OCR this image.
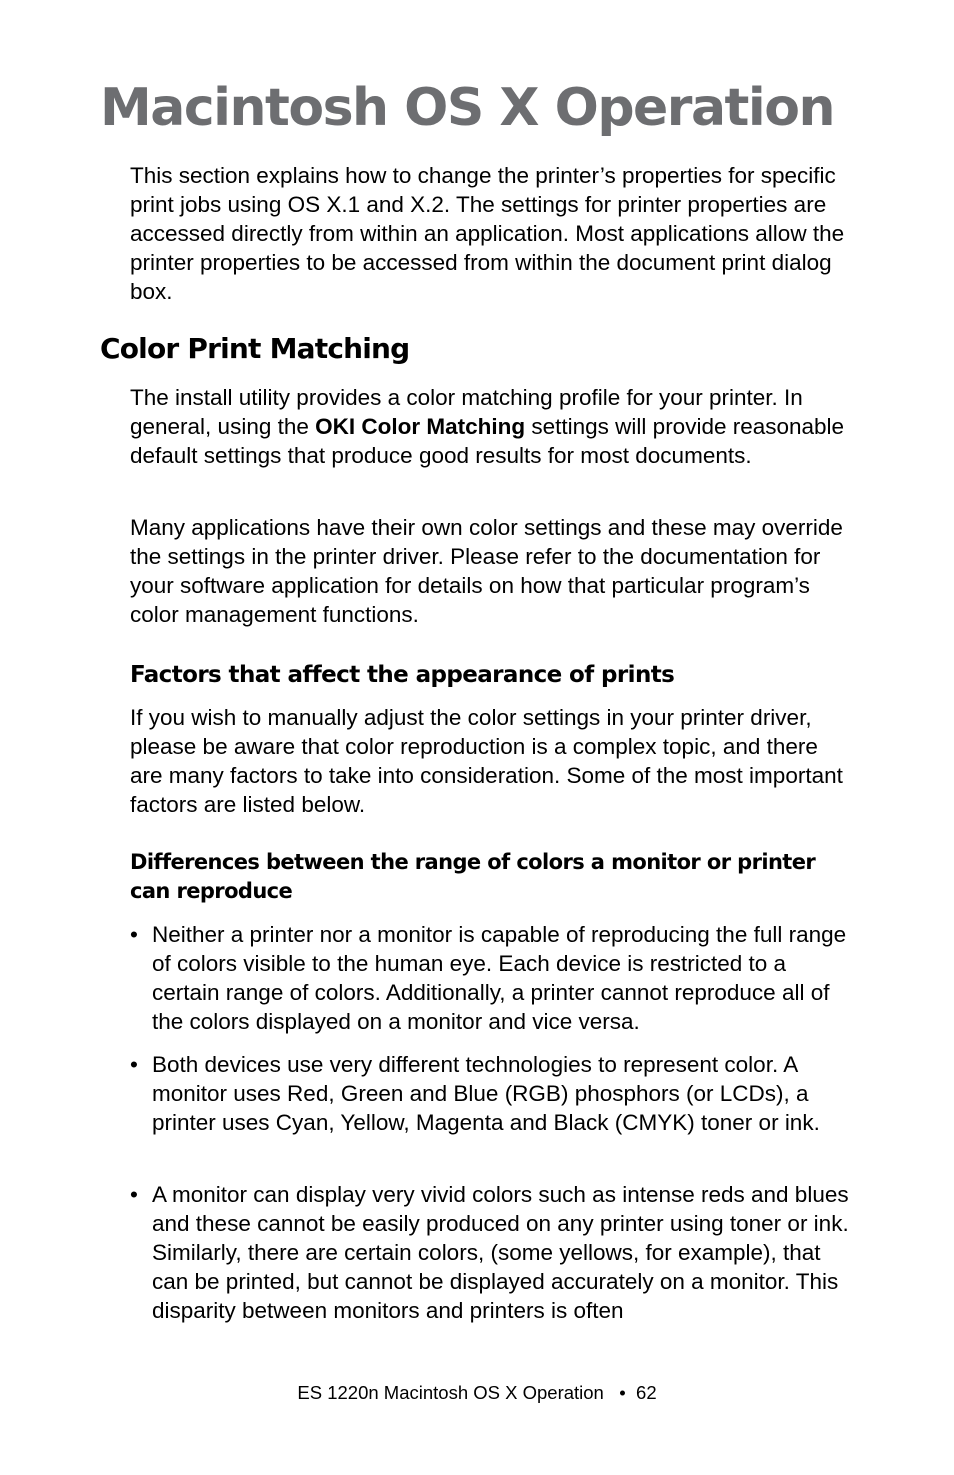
Macintosh OS X Operation

This section explains how to change the printer’s properties for specific print jobs using OS X.1 and X.2. The settings for printer properties are accessed directly from within an application. Most applications allow the printer properties to be accessed from within the document print dialog box.

Color Print Matching

The install utility provides a color matching profile for your printer. In general, using the OKI Color Matching settings will provide reasonable default settings that produce good results for most documents.

Many applications have their own color settings and these may override the settings in the printer driver. Please refer to the documentation for your software application for details on how that particular program’s color management functions.

Factors that affect the appearance of prints

If you wish to manually adjust the color settings in your printer driver, please be aware that color reproduction is a complex topic, and there are many factors to take into consideration. Some of the most important factors are listed below.

Differences between the range of colors a monitor or printer can reproduce
• Neither a printer nor a monitor is capable of reproducing the full range of colors visible to the human eye. Each device is restricted to a certain range of colors. Additionally, a printer cannot reproduce all of the colors displayed on a monitor and vice versa.

• Both devices use very different technologies to represent color. A monitor uses Red, Green and Blue (RGB) phosphors (or LCDs), a printer uses Cyan, Yellow, Magenta and Black (CMYK) toner or ink.

• A monitor can display very vivid colors such as intense reds and blues and these cannot be easily produced on any printer using toner or ink. Similarly, there are certain colors, (some yellows, for example), that can be printed, but cannot be displayed accurately on a monitor. This disparity between monitors and printers is often

ES 1220n Macintosh OS X Operation • 62
